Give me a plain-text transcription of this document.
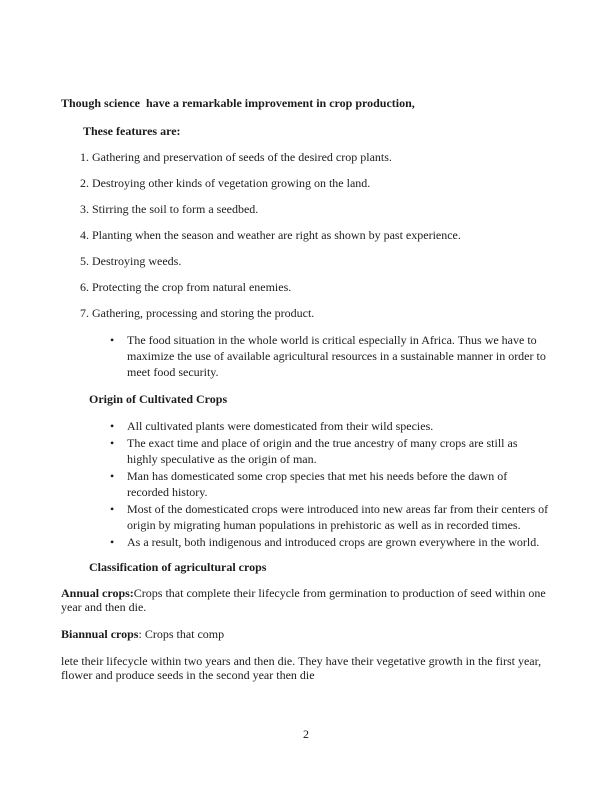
Though science  have a remarkable improvement in crop production,

These features are:

1. Gathering and preservation of seeds of the desired crop plants.

2. Destroying other kinds of vegetation growing on the land.

3. Stirring the soil to form a seedbed.

4. Planting when the season and weather are right as shown by past experience.

5. Destroying weeds.

6. Protecting the crop from natural enemies.

7. Gathering, processing and storing the product.

•	The food situation in the whole world is critical especially in Africa. Thus we have to maximize the use of available agricultural resources in a sustainable manner in order to meet food security.

Origin of Cultivated Crops

•	All cultivated plants were domesticated from their wild species.
•	The exact time and place of origin and the true ancestry of many crops are still as highly speculative as the origin of man.
•	Man has domesticated some crop species that met his needs before the dawn of recorded history.
•	Most of the domesticated crops were introduced into new areas far from their centers of origin by migrating human populations in prehistoric as well as in recorded times.
•	As a result, both indigenous and introduced crops are grown everywhere in the world.

Classification of agricultural crops

Annual crops:Crops that complete their lifecycle from germination to production of seed within one year and then die.

Biannual crops: Crops that comp

lete their lifecycle within two years and then die. They have their vegetative growth in the first year, flower and produce seeds in the second year then die

2
